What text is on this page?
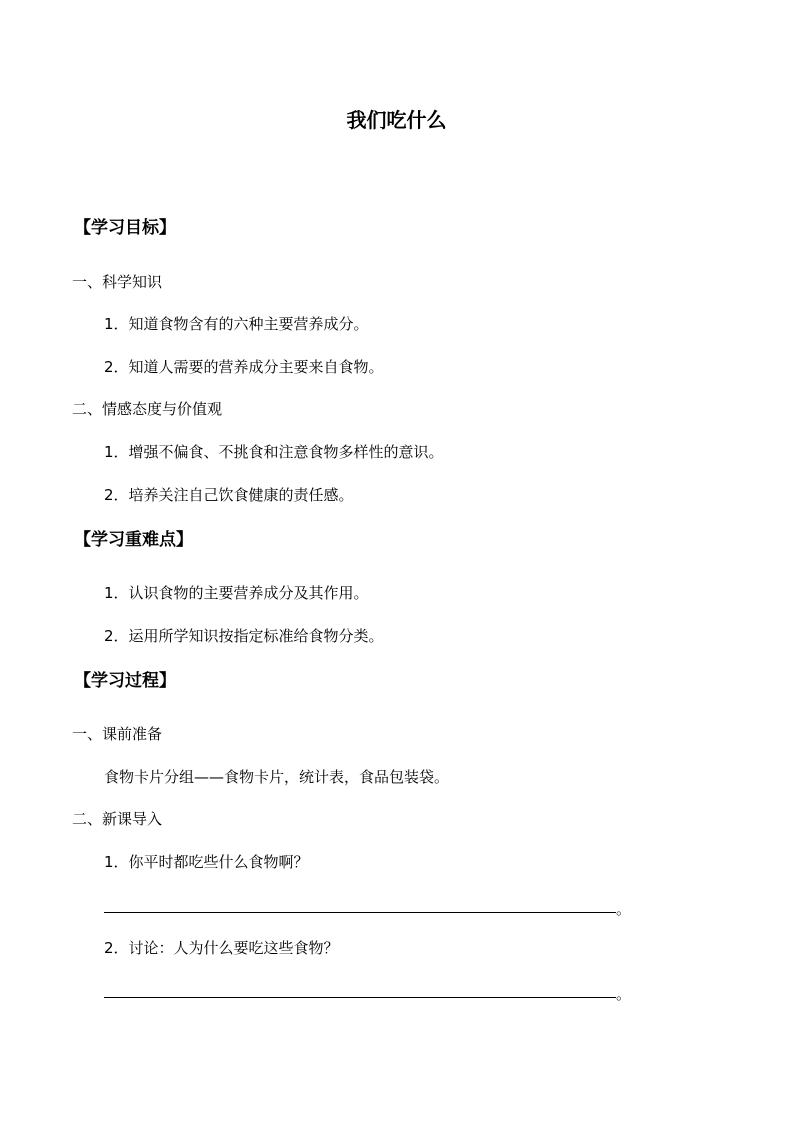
我们吃什么
【学习目标】
一、科学知识
1．知道食物含有的六种主要营养成分。
2．知道人需要的营养成分主要来自食物。
二、情感态度与价值观
1．增强不偏食、不挑食和注意食物多样性的意识。
2．培养关注自己饮食健康的责任感。
【学习重难点】
1．认识食物的主要营养成分及其作用。
2．运用所学知识按指定标准给食物分类。
【学习过程】
一、课前准备
食物卡片分组——食物卡片，统计表，食品包装袋。
二、新课导入
1．你平时都吃些什么食物啊？
。
2．讨论：人为什么要吃这些食物？
。
